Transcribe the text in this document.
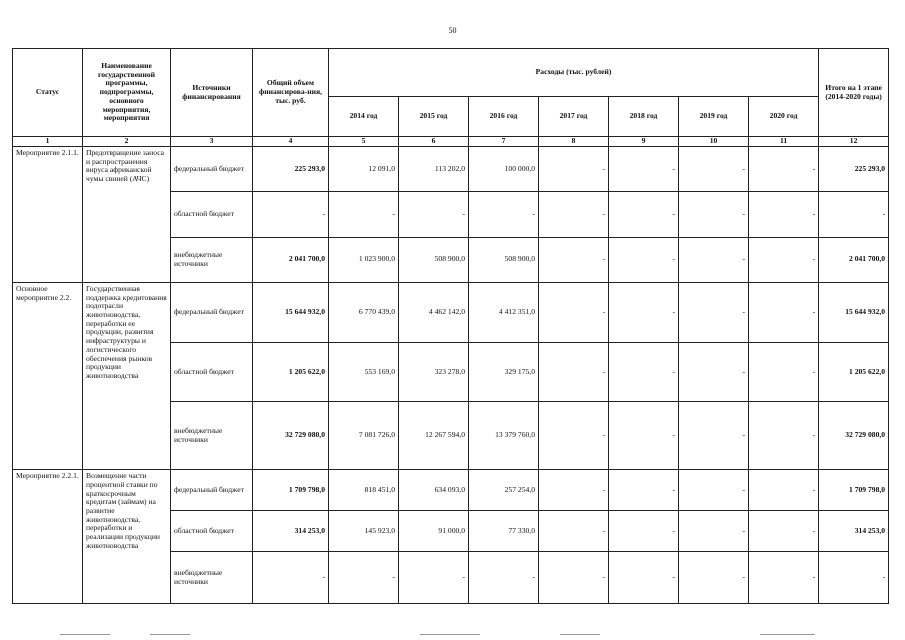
50
Статус	Наименование государственной программы, подпрограммы, основного мероприятия, мероприятия	Источники финансирования	Общий объем финансирова-ния, тыс. руб.	Расходы (тыс. рублей)							Итого на 1 этапе (2014-2020 годы)
				2014 год	2015 год	2016 год	2017 год	2018 год	2019 год	2020 год	
1	2	3	4	5	6	7	8	9	10	11	12
Мероприятие 2.1.1.	Предотвращение заноса и распространения вируса африканской чумы свиней (АЧС)	федеральный бюджет	225 293,0	12 091,0	113 202,0	100 000,0	-	-	-	-	225 293,0
		областной бюджет	-	-	-	-	-	-	-	-	-
		внебюджетные источники	2 041 700,0	1 023 900,0	508 900,0	508 900,0	-	-	-	-	2 041 700,0
Основное мероприятие 2.2.	Государственная поддержка кредитования подотрасли животноводства, переработки ее продукции, развития инфраструктуры и логистического обеспечения рынков продукции животноводства	федеральный бюджет	15 644 932,0	6 770 439,0	4 462 142,0	4 412 351,0	-	-	-	-	15 644 932,0
		областной бюджет	1 205 622,0	553 169,0	323 278,0	329 175,0	-	-	-	-	1 205 622,0
		внебюджетные источники	32 729 080,0	7 081 726,0	12 267 594,0	13 379 760,0	-	-	-	-	32 729 080,0
Мероприятие 2.2.1.	Возмещение части процентной ставки по краткосрочным кредитам (займам) на развитие животноводства, переработки и реализации продукции животноводства	федеральный бюджет	1 709 798,0	818 451,0	634 093,0	257 254,0	-	-	-	-	1 709 798,0
		областной бюджет	314 253,0	145 923,0	91 000,0	77 330,0	-	-	-	-	314 253,0
		внебюджетные источники	-	-	-	-	-	-	-	-	-
